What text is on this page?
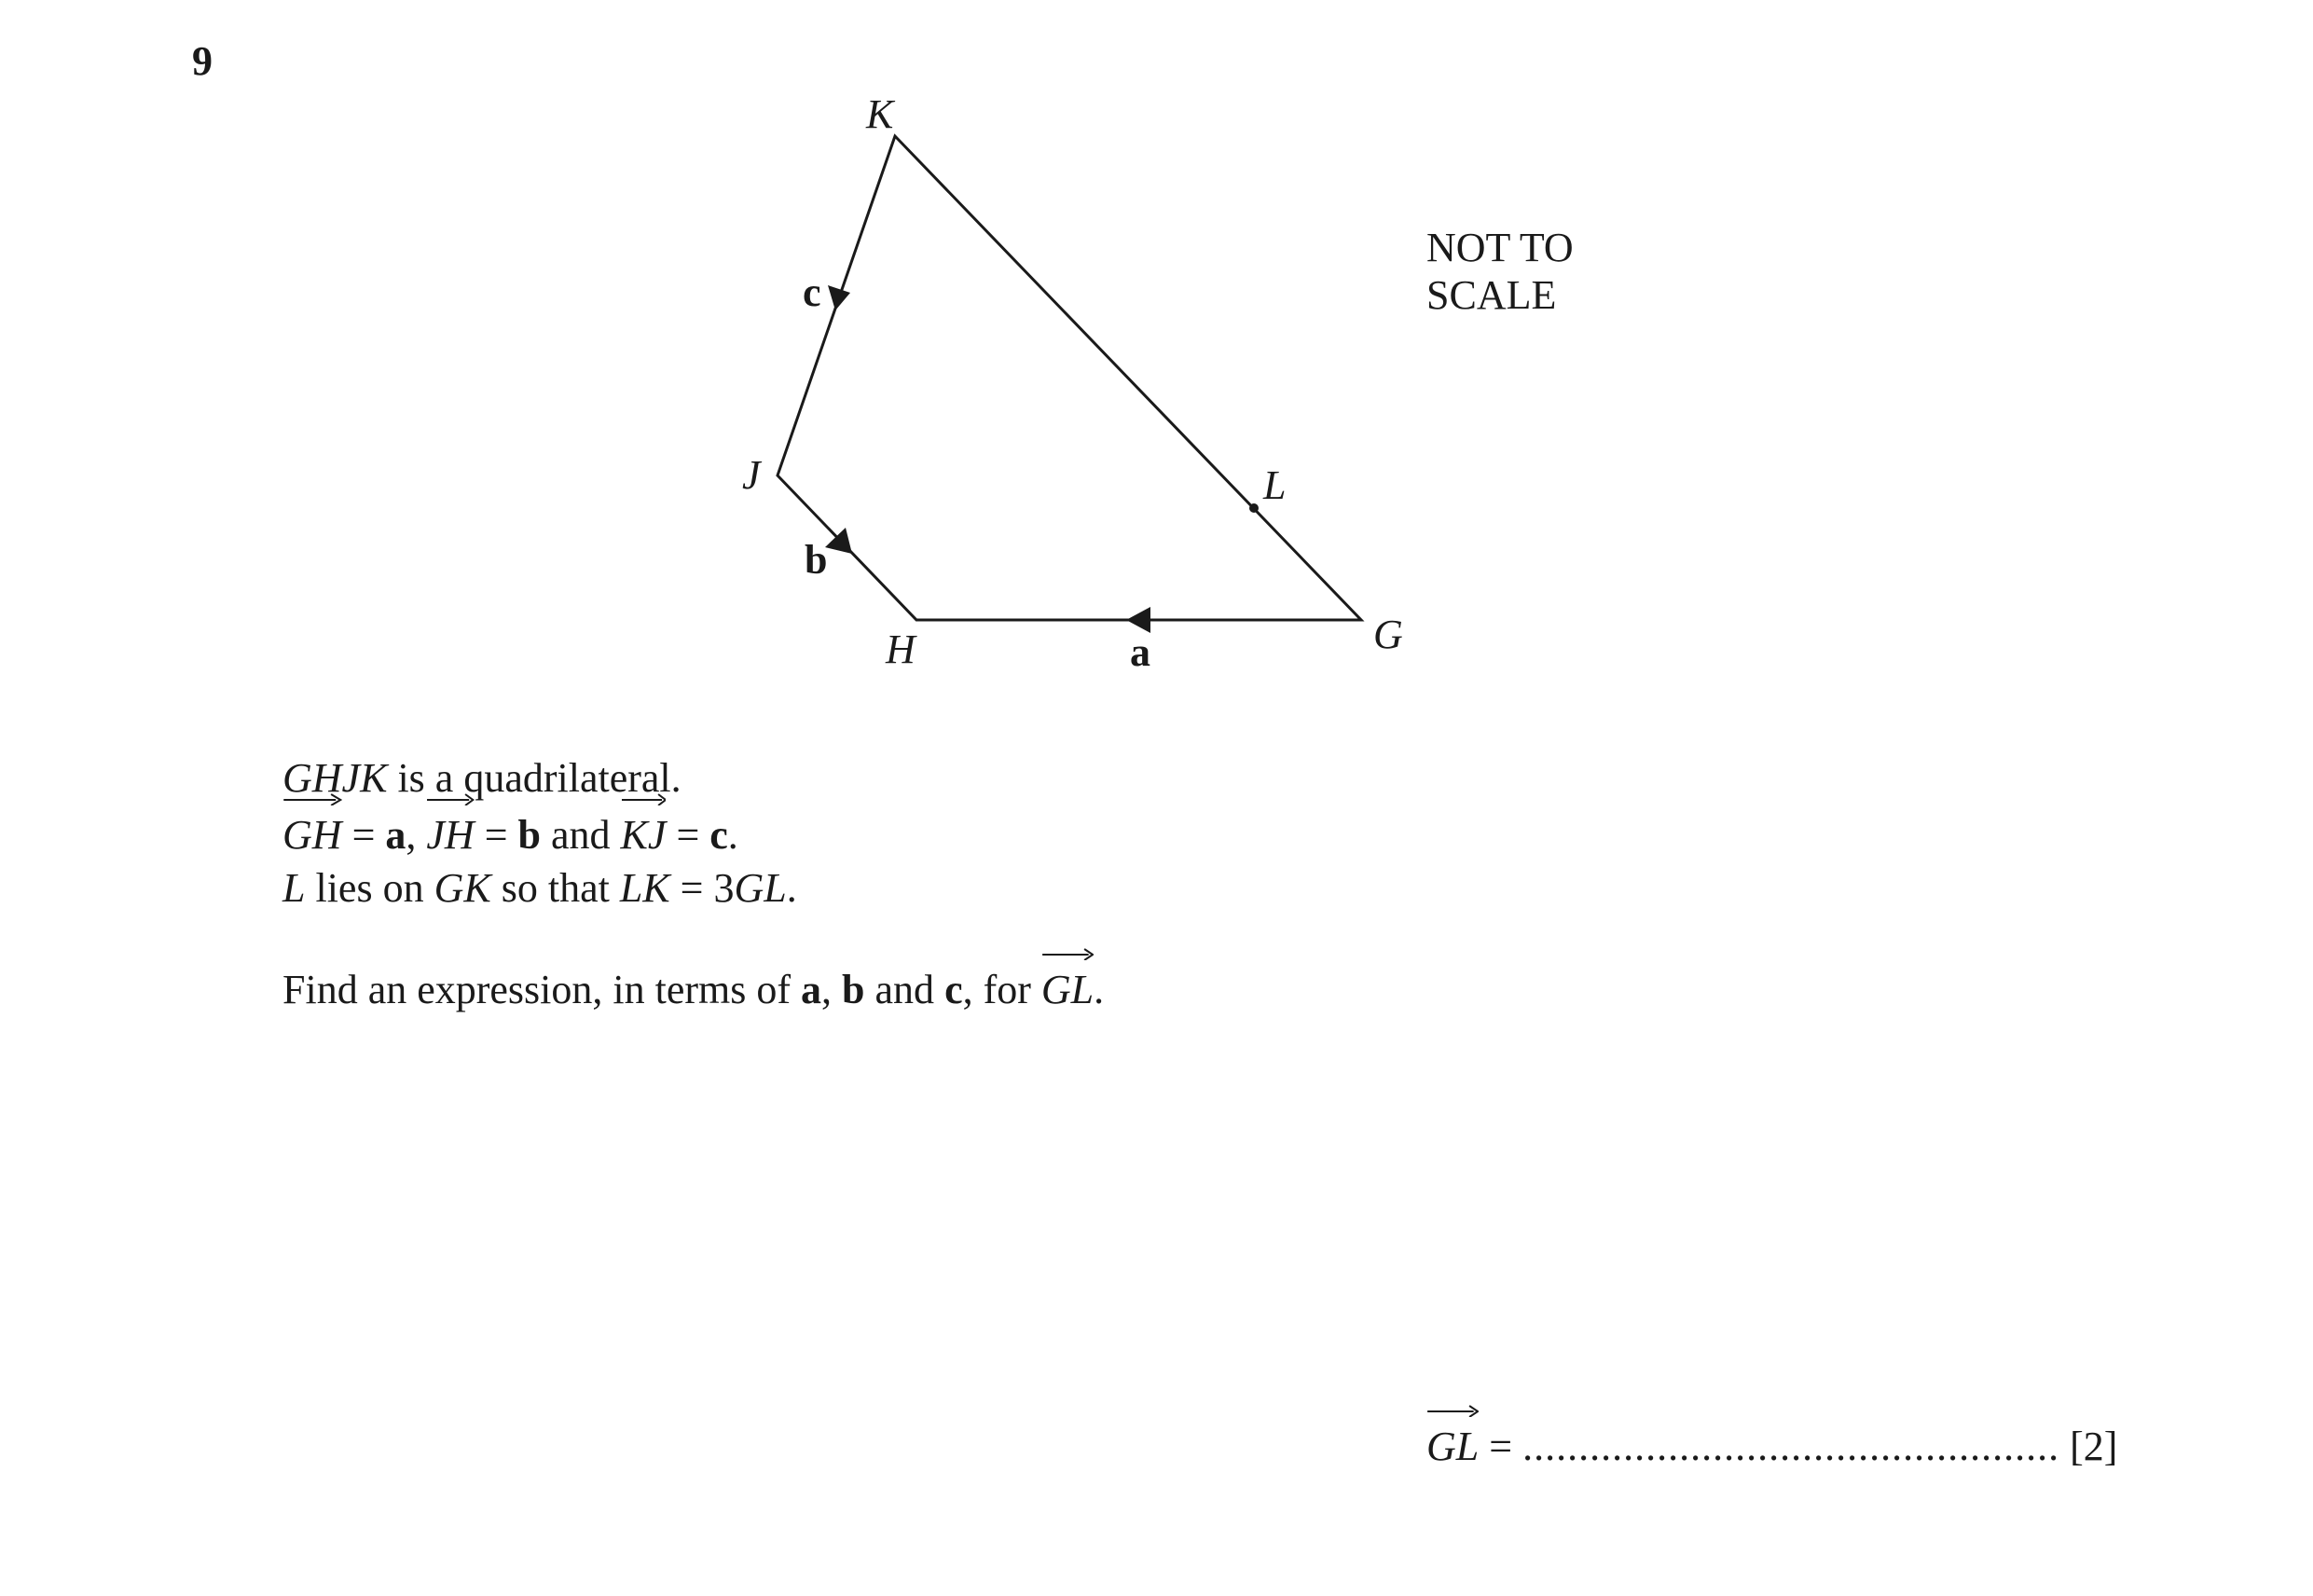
9
K
J
H	G
L
c
b
a
NOT TO
SCALE
GHJK is a quadrilateral.
GH = a,
JH = b and
KJ = c.
L lies on GK so that LK = 3GL.
Find an expression, in terms of a, b and c, for
GL.
GL = ................................................ [2]
